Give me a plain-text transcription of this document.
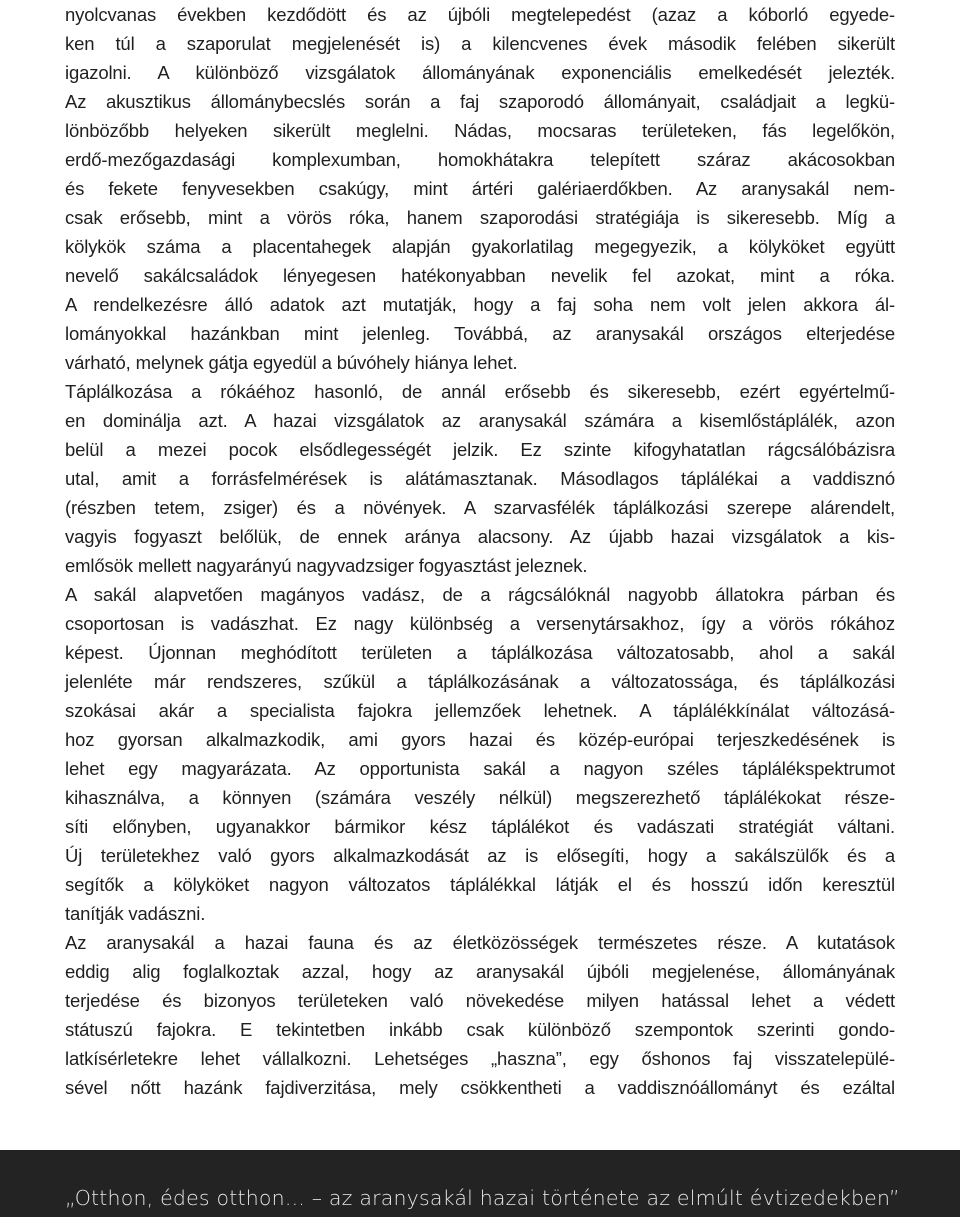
nyolcvanas években kezdődött és az újbóli megtelepedést (azaz a kóborló egyede-
ken túl a szaporulat megjelenését is) a kilencvenes évek második felében sikerült
igazolni. A különböző vizsgálatok állományának exponenciális emelkedését jelezték.
Az akusztikus állománybecslés során a faj szaporodó állományait, családjait a legkü-
lönbözőbb helyeken sikerült meglelni. Nádas, mocsaras területeken, fás legelőkön,
erdő-mezőgazdasági komplexumban, homokhátakra telepített száraz akácosokban
és fekete fenyvesekben csakúgy, mint ártéri galériaerdőkben. Az aranysakál nem-
csak erősebb, mint a vörös róka, hanem szaporodási stratégiája is sikeresebb. Míg a
kölykök száma a placentahegek alapján gyakorlatilag megegyezik, a kölyköket együtt
nevelő sakálcsaládok lényegesen hatékonyabban nevelik fel azokat, mint a róka.
A rendelkezésre álló adatok azt mutatják, hogy a faj soha nem volt jelen akkora ál-
lományokkal hazánkban mint jelenleg. Továbbá, az aranysakál országos elterjedése
várható, melynek gátja egyedül a búvóhely hiánya lehet.
Táplálkozása a rókáéhoz hasonló, de annál erősebb és sikeresebb, ezért egyértelmű-
en dominálja azt. A hazai vizsgálatok az aranysakál számára a kisemlőstáplálék, azon
belül a mezei pocok elsődlegességét jelzik. Ez szinte kifogyhatatlan rágcsálóbázisra
utal, amit a forrásfelmérések is alátámasztanak. Másodlagos táplálékai a vaddisznó
(részben tetem, zsiger) és a növények. A szarvasfélék táplálkozási szerepe alárendelt,
vagyis fogyaszt belőlük, de ennek aránya alacsony. Az újabb hazai vizsgálatok a kis-
emlősök mellett nagyarányú nagyvadzsiger fogyasztást jeleznek.
A sakál alapvetően magányos vadász, de a rágcsálóknál nagyobb állatokra párban és
csoportosan is vadászhat. Ez nagy különbség a versenytársakhoz, így a vörös rókához
képest. Újonnan meghódított területen a táplálkozása változatosabb, ahol a sakál
jelenléte már rendszeres, szűkül a táplálkozásának a változatossága, és táplálkozási
szokásai akár a specialista fajokra jellemzőek lehetnek. A táplálékkínálat változásá-
hoz gyorsan alkalmazkodik, ami gyors hazai és közép-európai terjeszkedésének is
lehet egy magyarázata. Az opportunista sakál a nagyon széles táplálékspektrumot
kihasználva, a könnyen (számára veszély nélkül) megszerezhető táplálékokat része-
síti előnyben, ugyanakkor bármikor kész táplálékot és vadászati stratégiát váltani.
Új területekhez való gyors alkalmazkodását az is elősegíti, hogy a sakálszülők és a
segítők a kölyköket nagyon változatos táplálékkal látják el és hosszú időn keresztül
tanítják vadászni.
Az aranysakál a hazai fauna és az életközösségek természetes része. A kutatások
eddig alig foglalkoztak azzal, hogy az aranysakál újbóli megjelenése, állományának
terjedése és bizonyos területeken való növekedése milyen hatással lehet a védett
státuszú fajokra. E tekintetben inkább csak különböző szempontok szerinti gondo-
latkísérletekre lehet vállalkozni. Lehetséges „haszna”, egy őshonos faj visszatelepülé-
sével nőtt hazánk fajdiverzitása, mely csökkentheti a vaddisznóállományt és ezáltal
„Otthon, édes otthon... – az aranysakál hazai története az elmúlt évtizedekben”
